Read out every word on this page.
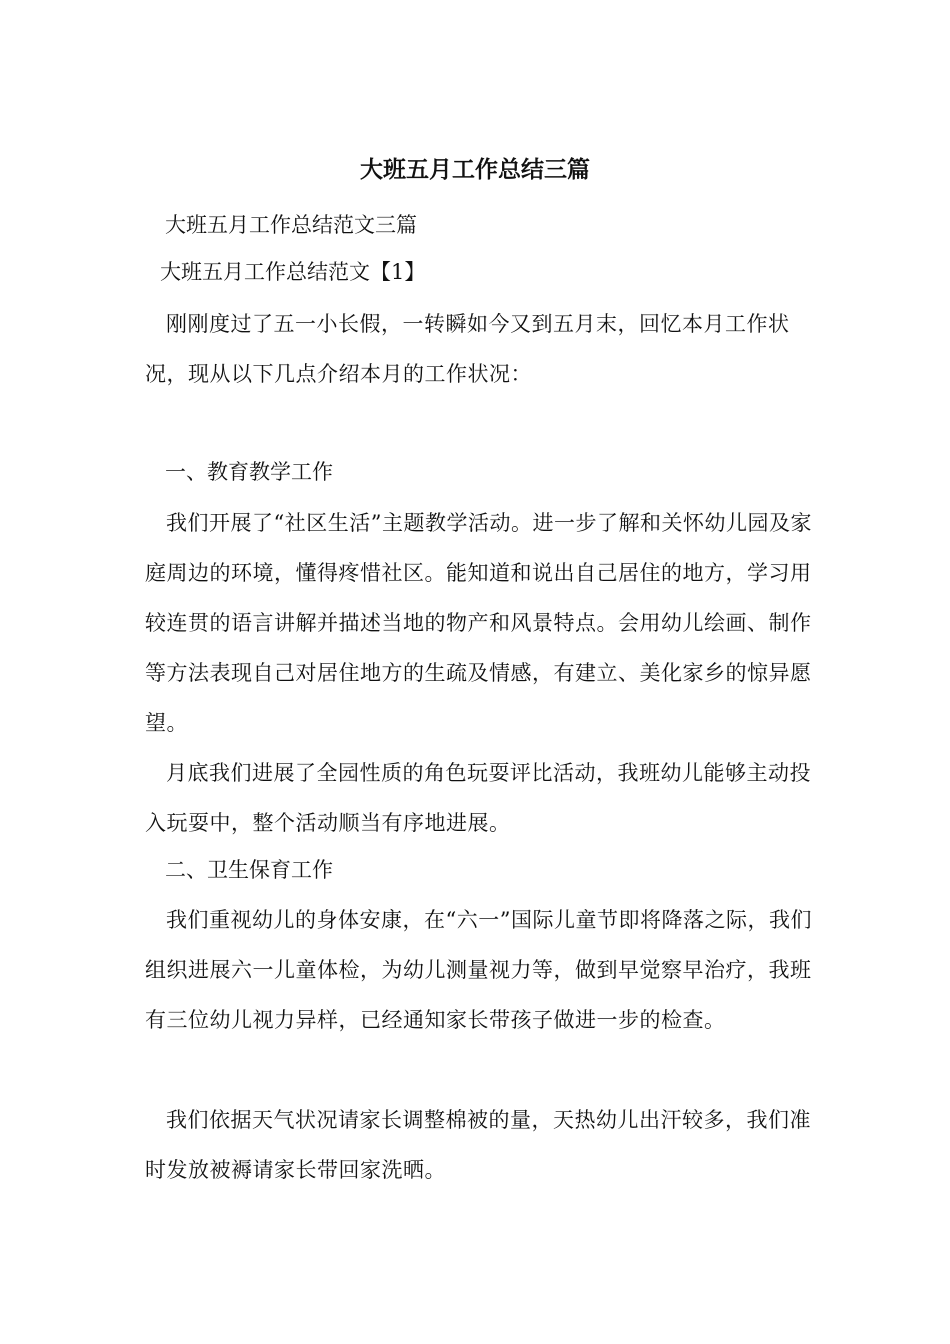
大班五月工作总结三篇

大班五月工作总结范文三篇

大班五月工作总结范文【1】

刚刚度过了五一小长假，一转瞬如今又到五月末，回忆本月工作状况，现从以下几点介绍本月的工作状况：

一、教育教学工作

我们开展了“社区生活”主题教学活动。进一步了解和关怀幼儿园及家庭周边的环境，懂得疼惜社区。能知道和说出自己居住的地方，学习用较连贯的语言讲解并描述当地的物产和风景特点。会用幼儿绘画、制作等方法表现自己对居住地方的生疏及情感，有建立、美化家乡的惊异愿望。

月底我们进展了全园性质的角色玩耍评比活动，我班幼儿能够主动投入玩耍中，整个活动顺当有序地进展。

二、卫生保育工作

我们重视幼儿的身体安康，在“六一”国际儿童节即将降落之际，我们组织进展六一儿童体检，为幼儿测量视力等，做到早觉察早治疗，我班有三位幼儿视力异样，已经通知家长带孩子做进一步的检查。

我们依据天气状况请家长调整棉被的量，天热幼儿出汗较多，我们准时发放被褥请家长带回家洗晒。
